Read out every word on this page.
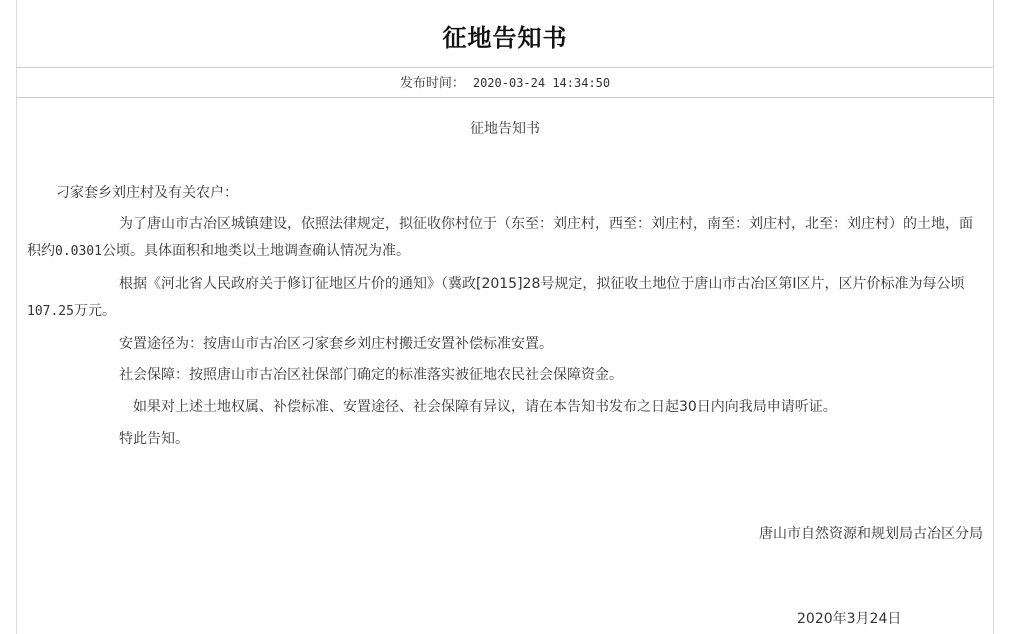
征地告知书
发布时间： 2020-03-24 14:34:50
征地告知书
刁家套乡刘庄村及有关农户：
为了唐山市古冶区城镇建设，依照法律规定，拟征收你村位于（东至：刘庄村，西至：刘庄村，南至：刘庄村，北至：刘庄村）的土地，面
积约0.0301公顷。具体面积和地类以土地调查确认情况为准。
根据《河北省人民政府关于修订征地区片价的通知》（冀政[2015]28号规定，拟征收土地位于唐山市古冶区第I区片，区片价标准为每公顷
107.25万元。
安置途径为：按唐山市古冶区刁家套乡刘庄村搬迁安置补偿标准安置。
社会保障：按照唐山市古冶区社保部门确定的标准落实被征地农民社会保障资金。
如果对上述土地权属、补偿标准、安置途径、社会保障有异议，请在本告知书发布之日起30日内向我局申请听证。
特此告知。
唐山市自然资源和规划局古冶区分局
2020年3月24日
